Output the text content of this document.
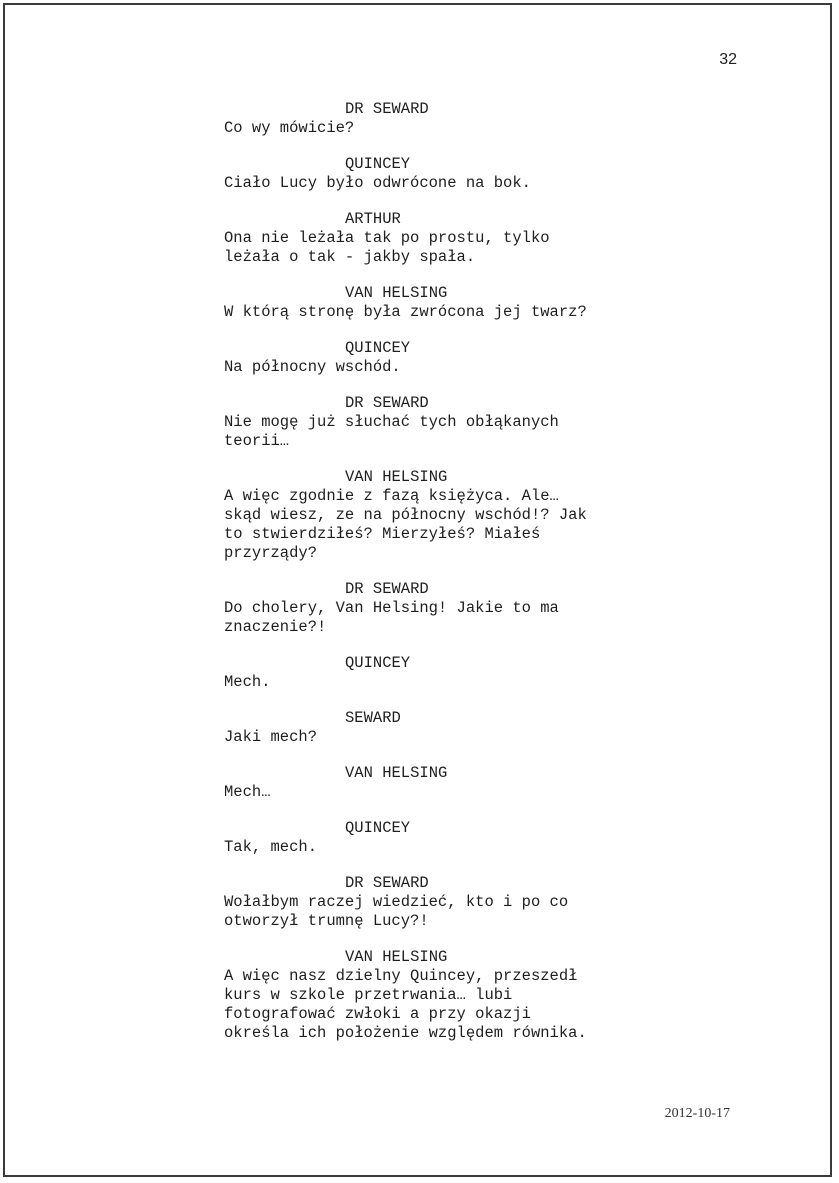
32
DR SEWARD
Co wy mówicie?
QUINCEY
Ciało Lucy było odwrócone na bok.
ARTHUR
Ona nie leżała tak po prostu, tylko
leżała o tak - jakby spała.
VAN HELSING
W którą stronę była zwrócona jej twarz?
QUINCEY
Na północny wschód.
DR SEWARD
Nie mogę już słuchać tych obłąkanych
teorii…
VAN HELSING
A więc zgodnie z fazą księżyca. Ale…
skąd wiesz, ze na północny wschód!? Jak
to stwierdziłeś? Mierzyłeś? Miałeś
przyrządy?
DR SEWARD
Do cholery, Van Helsing! Jakie to ma
znaczenie?!
QUINCEY
Mech.
SEWARD
Jaki mech?
VAN HELSING
Mech…
QUINCEY
Tak, mech.
DR SEWARD
Wołałbym raczej wiedzieć, kto i po co
otworzył trumnę Lucy?!
VAN HELSING
A więc nasz dzielny Quincey, przeszedł
kurs w szkole przetrwania… lubi
fotografować zwłoki a przy okazji
określa ich położenie względem równika.
2012-10-17
